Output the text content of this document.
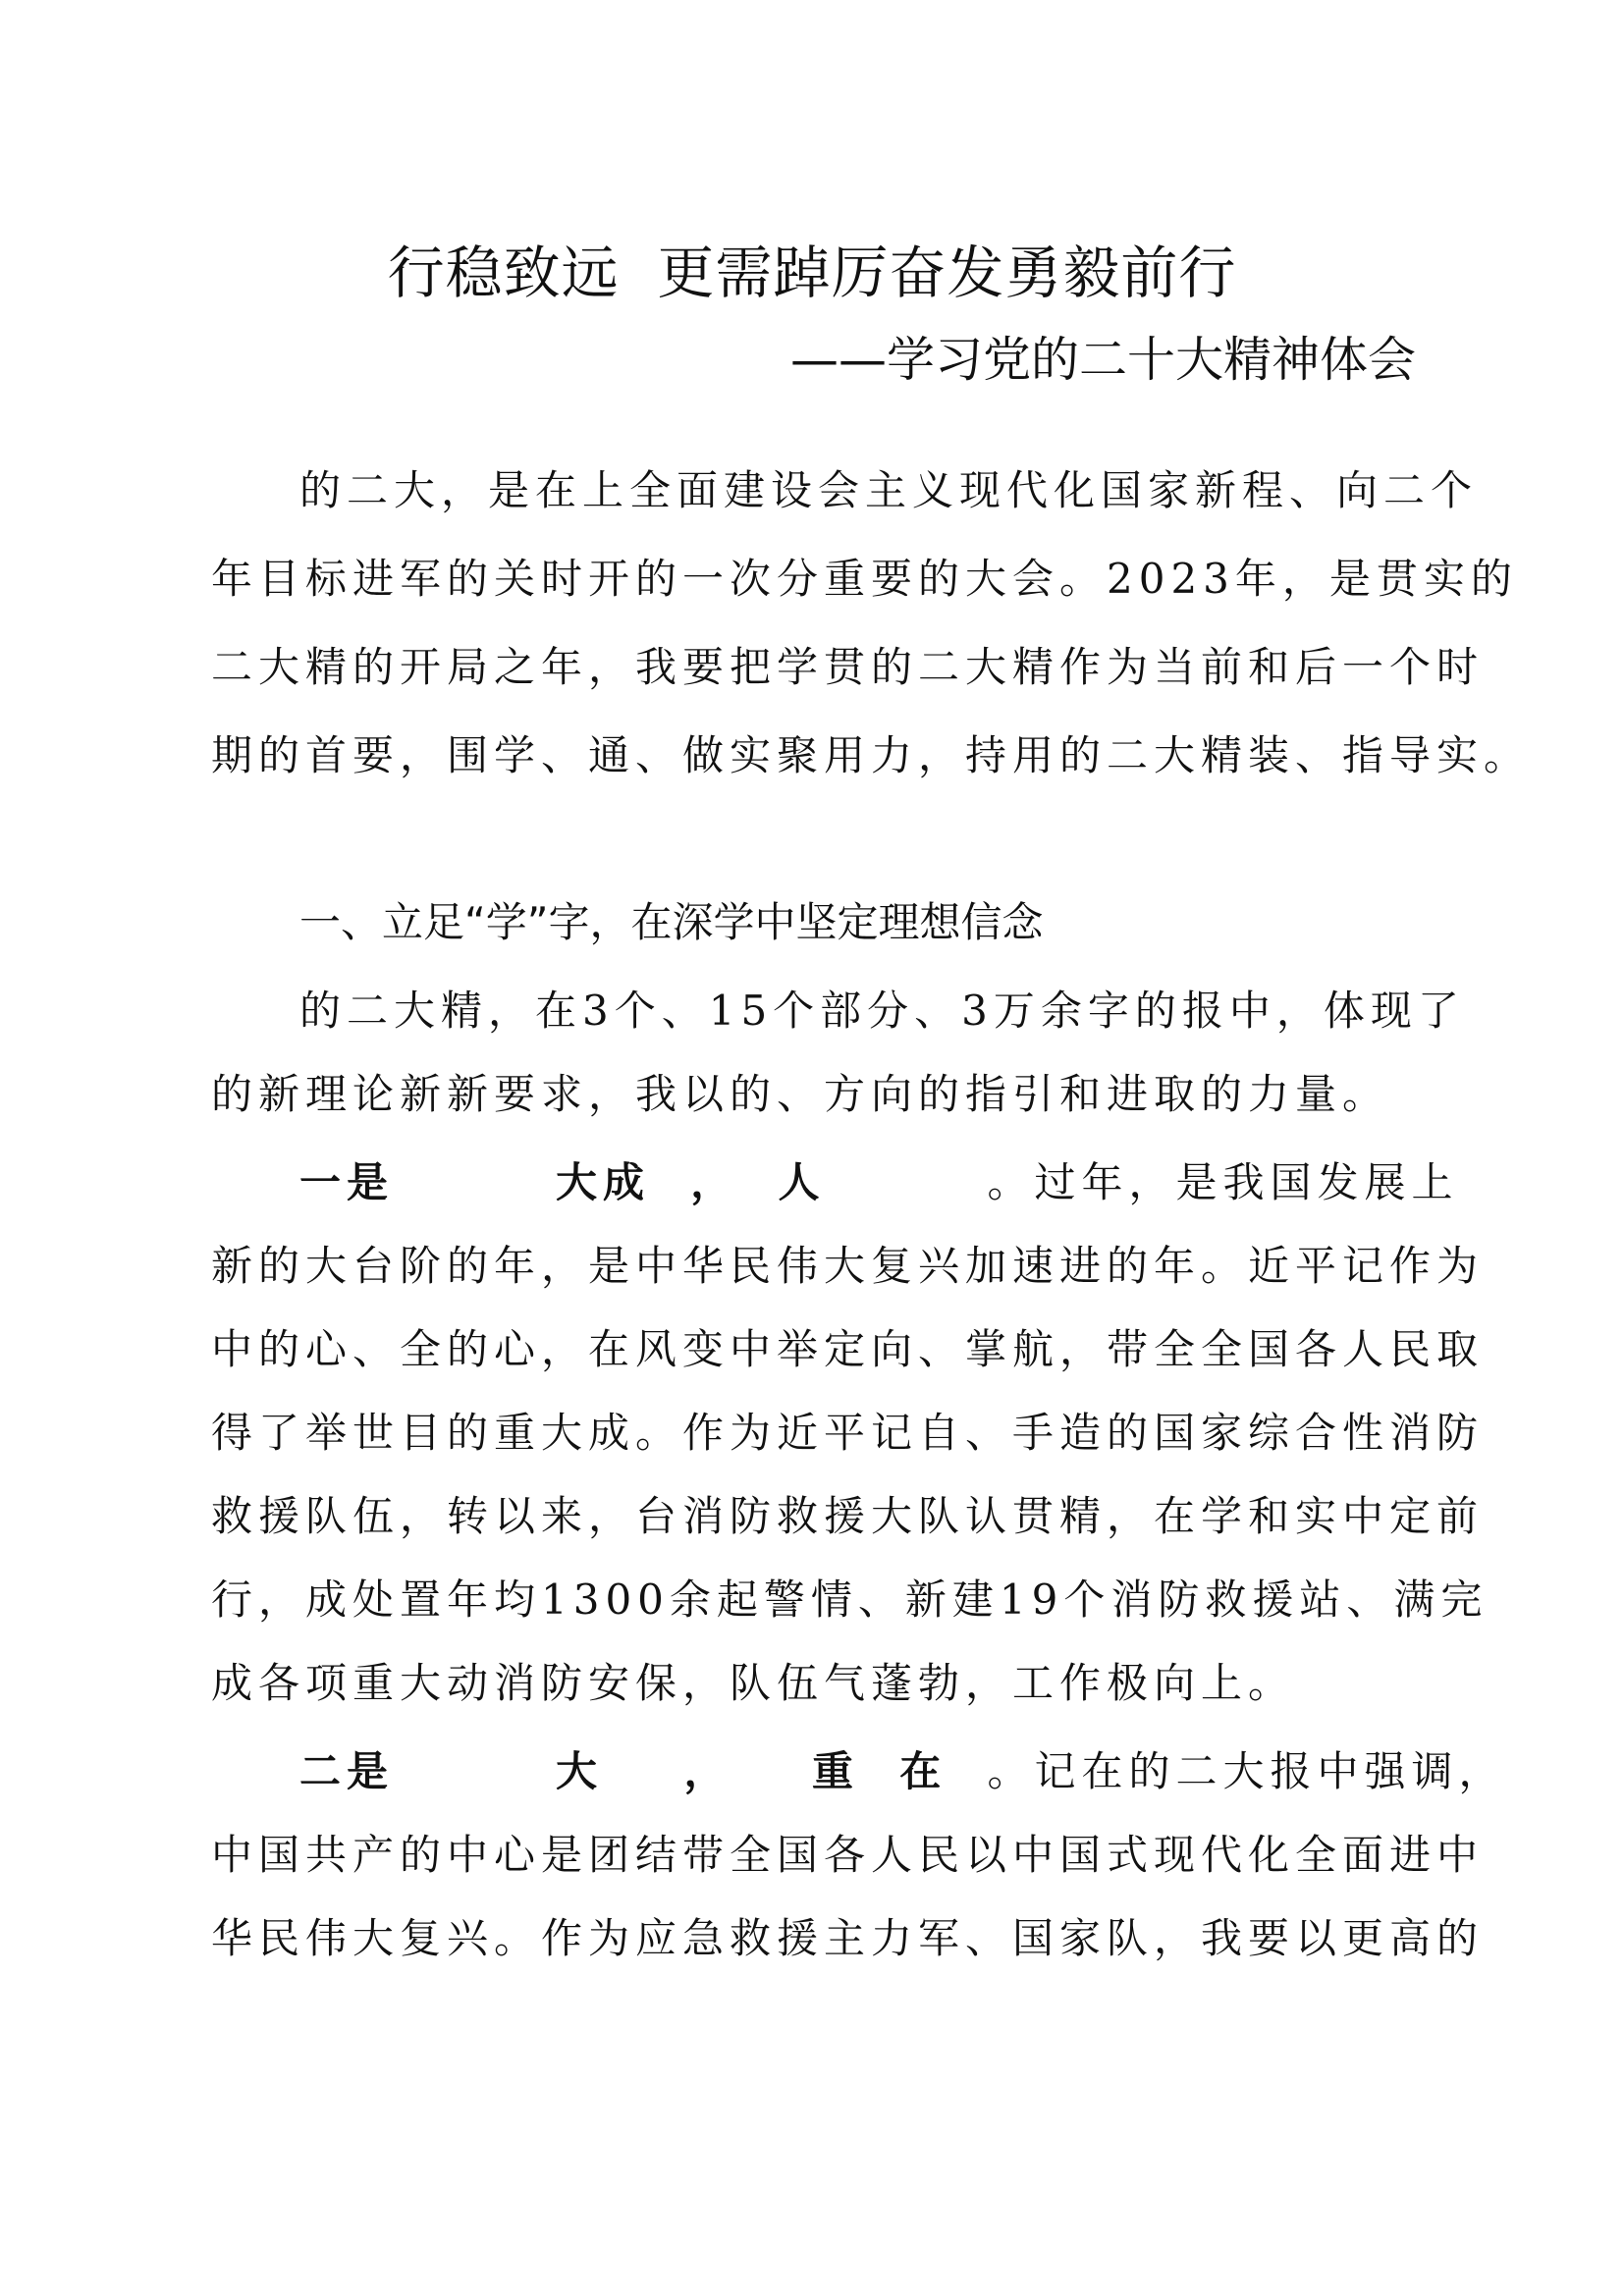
行稳致远  更需踔厉奋发勇毅前行
——学习党的二十大精神体会
的二大，是在上全面建设会主义现代化国家新程、向二个
年目标进军的关时开的一次分重要的大会。2023年，是贯实的
二大精的开局之年，我要把学贯的二大精作为当前和后一个时
期的首要，围学、通、做实聚用力，持用的二大精装、指导实。
一、立足“学”字，在深学中坚定理想信念
的二大精，在3个、15个部分、3万余字的报中，体现了
的新理论新新要求，我以的、方向的指引和进取的力量。
一是        大成  ，  人        。过年，是我国发展上
新的大台阶的年，是中华民伟大复兴加速进的年。近平记作为
中的心、全的心，在风变中举定向、掌航，带全全国各人民取
得了举世目的重大成。作为近平记自、手造的国家综合性消防
救援队伍，转以来，台消防救援大队认贯精，在学和实中定前
行，成处置年均1300余起警情、新建19个消防救援站、满完
成各项重大动消防安保，队伍气蓬勃，工作极向上。
二是        大    ，    重  在  。记在的二大报中强调，
中国共产的中心是团结带全国各人民以中国式现代化全面进中
华民伟大复兴。作为应急救援主力军、国家队，我要以更高的
